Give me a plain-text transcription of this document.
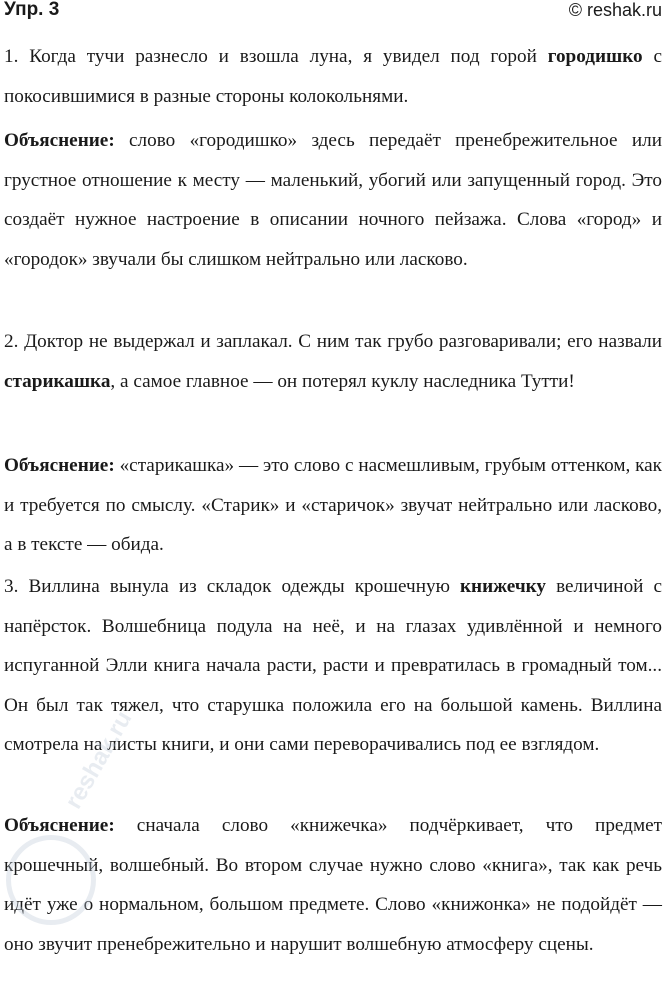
Упр. 3	© reshak.ru

1. Когда тучи разнесло и взошла луна, я увидел под горой городишко с покосившимися в разные стороны колокольнями.

Объяснение: слово «городишко» здесь передаёт пренебрежительное или грустное отношение к месту — маленький, убогий или запущенный город. Это создаёт нужное настроение в описании ночного пейзажа. Слова «город» и «городок» звучали бы слишком нейтрально или ласково.

2. Доктор не выдержал и заплакал. С ним так грубо разговаривали; его назвали старикашка, а самое главное — он потерял куклу наследника Тутти!

Объяснение: «старикашка» — это слово с насмешливым, грубым оттенком, как и требуется по смыслу. «Старик» и «старичок» звучат нейтрально или ласково, а в тексте — обида.

3. Виллина вынула из складок одежды крошечную книжечку величиной с напёрсток. Волшебница подула на неё, и на глазах удивлённой и немного испуганной Элли книга начала расти, расти и превратилась в громадный том... Он был так тяжел, что старушка положила его на большой камень. Виллина смотрела на листы книги, и они сами переворачивались под ее взглядом.

Объяснение: сначала слово «книжечка» подчёркивает, что предмет крошечный, волшебный. Во втором случае нужно слово «книга», так как речь идёт уже о нормальном, большом предмете. Слово «книжонка» не подойдёт — оно звучит пренебрежительно и нарушит волшебную атмосферу сцены.

reshak.ru
